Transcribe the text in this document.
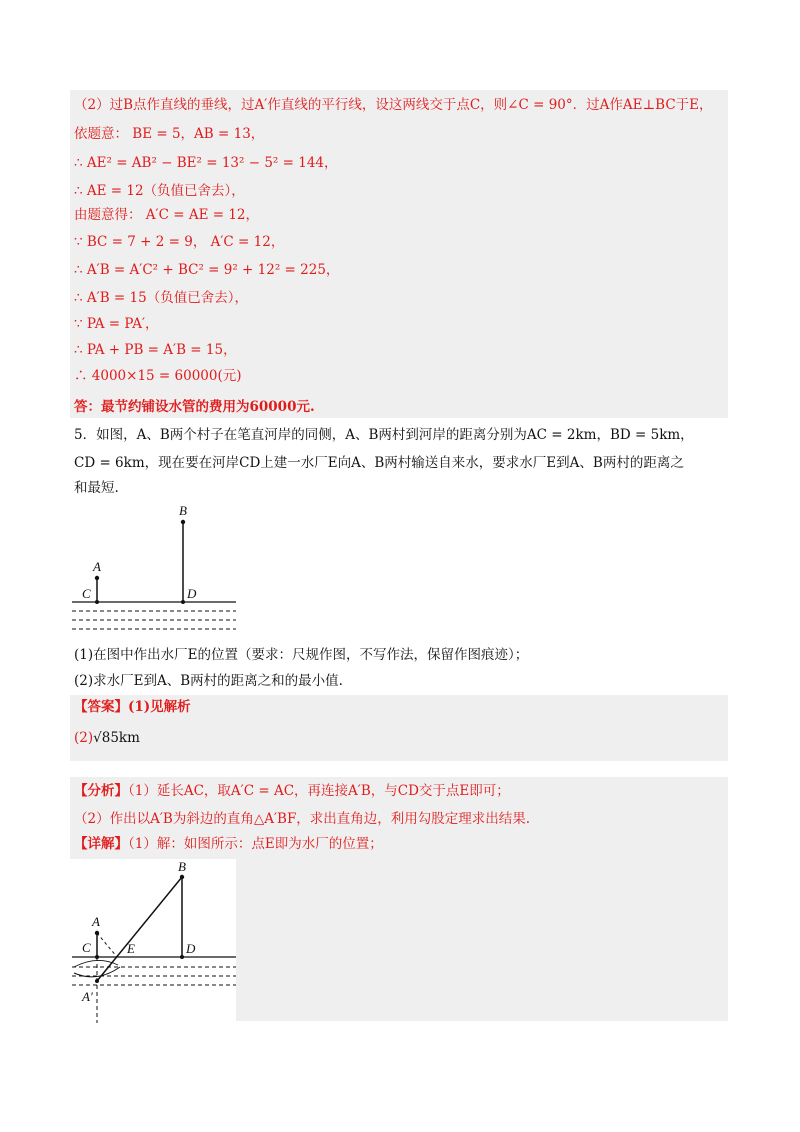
（2）过B点作直线的垂线，过A′作直线的平行线，设这两线交于点C，则∠C = 90°．过A作AE⊥BC于E，
依题意： BE = 5，AB = 13，
∴ AE² = AB² − BE² = 13² − 5² = 144，
∴ AE = 12（负值已舍去），
由题意得： A′C = AE = 12，
∵ BC = 7 + 2 = 9， A′C = 12，
∴ A′B = A′C² + BC² = 9² + 12² = 225，
∴ A′B = 15（负值已舍去），
∵ PA = PA′，
∴ PA + PB = A′B = 15，
∴ 4000×15 = 60000(元)
答：最节约铺设水管的费用为60000元.
5．如图，A、B两个村子在笔直河岸的同侧，A、B两村到河岸的距离分别为AC = 2km，BD = 5km，
CD = 6km，现在要在河岸CD上建一水厂E向A、B两村输送自来水，要求水厂E到A、B两村的距离之
和最短.
A
B
C	D
(1)在图中作出水厂E的位置（要求：尺规作图，不写作法，保留作图痕迹）；
(2)求水厂E到A、B两村的距离之和的最小值.
【答案】(1)见解析
(2)√85km
【分析】（1）延长AC，取A′C = AC，再连接A′B，与CD交于点E即可；
（2）作出以A′B为斜边的直角△A′BF，求出直角边，利用勾股定理求出结果.
【详解】（1）解：如图所示：点E即为水厂的位置；
A
B
C	D
E
A′
